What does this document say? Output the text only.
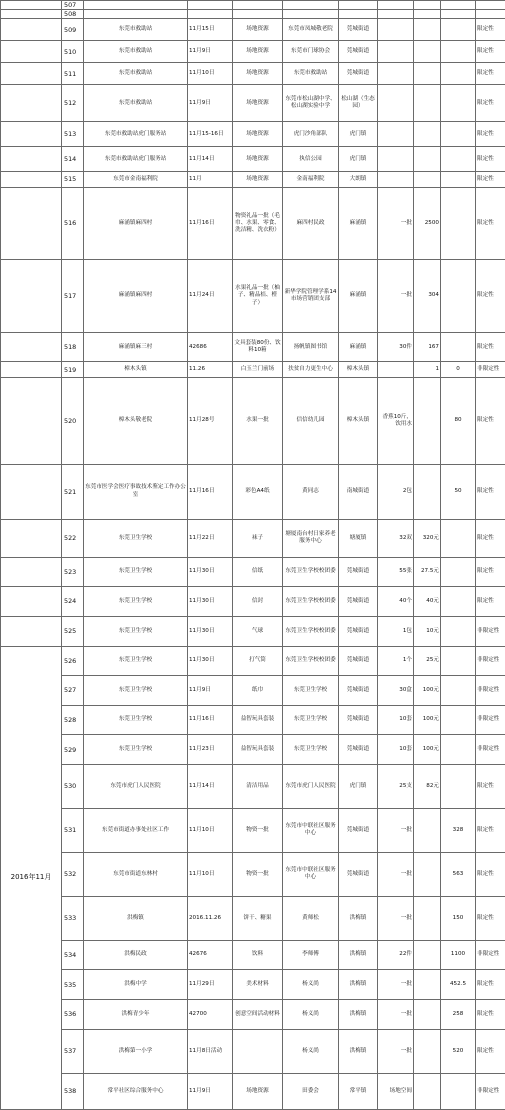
	507										
	508										
	509	东莞市救助站	11月15日	场地资源	东莞市凤城敬老院	莞城街道				限定性	
	510	东莞市救助站	11月9日	场地资源	东莞市门球协会	莞城街道				限定性	
	511	东莞市救助站	11月10日	场地资源	东莞市救助站	莞城街道				限定性	
	512	东莞市救助站	11月9日	场地资源	东莞市松山湖中学、松山湖实验中学	松山湖（生态园）				限定性	
	513	东莞市救助站虎门服务站	11月15-16日	场地资源	虎门沙角部队	虎门镇				限定性	
	514	东莞市救助站虎门服务站	11月14日	场地资源	执信公园	虎门镇				限定性	
	515	东莞市金南福利院	11月	场地资源	金南福利院	大朗镇				限定性	
	516	麻涌镇麻四村	11月16日	物资礼品一批（毛巾、水果、零食、洗洁精、洗衣粉）	麻四村民政	麻涌镇	一批	2500		限定性	
	517	麻涌镇麻四村	11月24日	水果礼品一批（柚子、精品桔、橙子）	新华学院管理学系14市场营销团支部	麻涌镇	一批	304		限定性	
	518	麻涌镇麻三村	42686	文具套装80份、饮料10箱	扬帆镇图书馆	麻涌镇	30件	167		限定性	
	519	樟木头镇	11.26	白玉兰门前场	扶贫自力更生中心	樟木头镇		1	0	非限定性	
	520	樟木头敬老院	11月28号	水果一批	信信幼儿园	樟木头镇	香蕉10斤，饮用水		80	限定性	
	521	东莞市医学会医疗事故技术鉴定工作办公室	11月16日	彩色A4纸	黄同志	南城街道	2包		50	限定性	
	522	东莞卫生学校	11月22日	袜子	塘厦南台村日家养老服务中心	塘厦镇	32双	320元		限定性	
	523	东莞卫生学校	11月30日	信纸	东莞卫生学校校团委	莞城街道	55张	27.5元		限定性	
	524	东莞卫生学校	11月30日	信封	东莞卫生学校校团委	莞城街道	40个	40元		限定性	
	525	东莞卫生学校	11月30日	气球	东莞卫生学校校团委	莞城街道	1包	10元		非限定性	
2016年11月	526	东莞卫生学校	11月30日	打气筒	东莞卫生学校校团委	莞城街道	1个	25元		非限定性	
	527	东莞卫生学校	11月9日	纸巾	东莞卫生学校	莞城街道	30盒	100元		非限定性	
	528	东莞卫生学校	11月16日	益智玩具套装	东莞卫生学校	莞城街道	10套	100元		非限定性	
	529	东莞卫生学校	11月23日	益智玩具套装	东莞卫生学校	莞城街道	10套	100元		非限定性	
	530	东莞市虎门人民医院	11月14日	清洁用品	东莞市虎门人民医院	虎门镇	25支	82元		限定性	
	531	东莞市街道办事处社区工作	11月10日	物资一批	东莞市中联社区服务中心	莞城街道	一批		328	限定性	
	532	东莞市街道东林村	11月10日	物资一批	东莞市中联社区服务中心	莞城街道	一批		563	限定性	
	533	洪梅镇	2016.11.26	饼干、糖果	黄师松	洪梅镇	一批		150	限定性	
	534	洪梅民政	42676	饮料	李师傅	洪梅镇	22件		1100	非限定性	
	535	洪梅中学	11月29日	美术材料	杨义尚	洪梅镇	一批		452.5	限定性	
	536	洪梅青少年	42700	创意空间活动材料	杨义尚	洪梅镇	一批		258	限定性	
	537	洪梅第一小学	11月8日活动		杨义尚	洪梅镇	一批		520	限定性	
	538	常平社区综合服务中心	11月9日	场地资源	田委会	常平镇	场地空间			非限定性	
